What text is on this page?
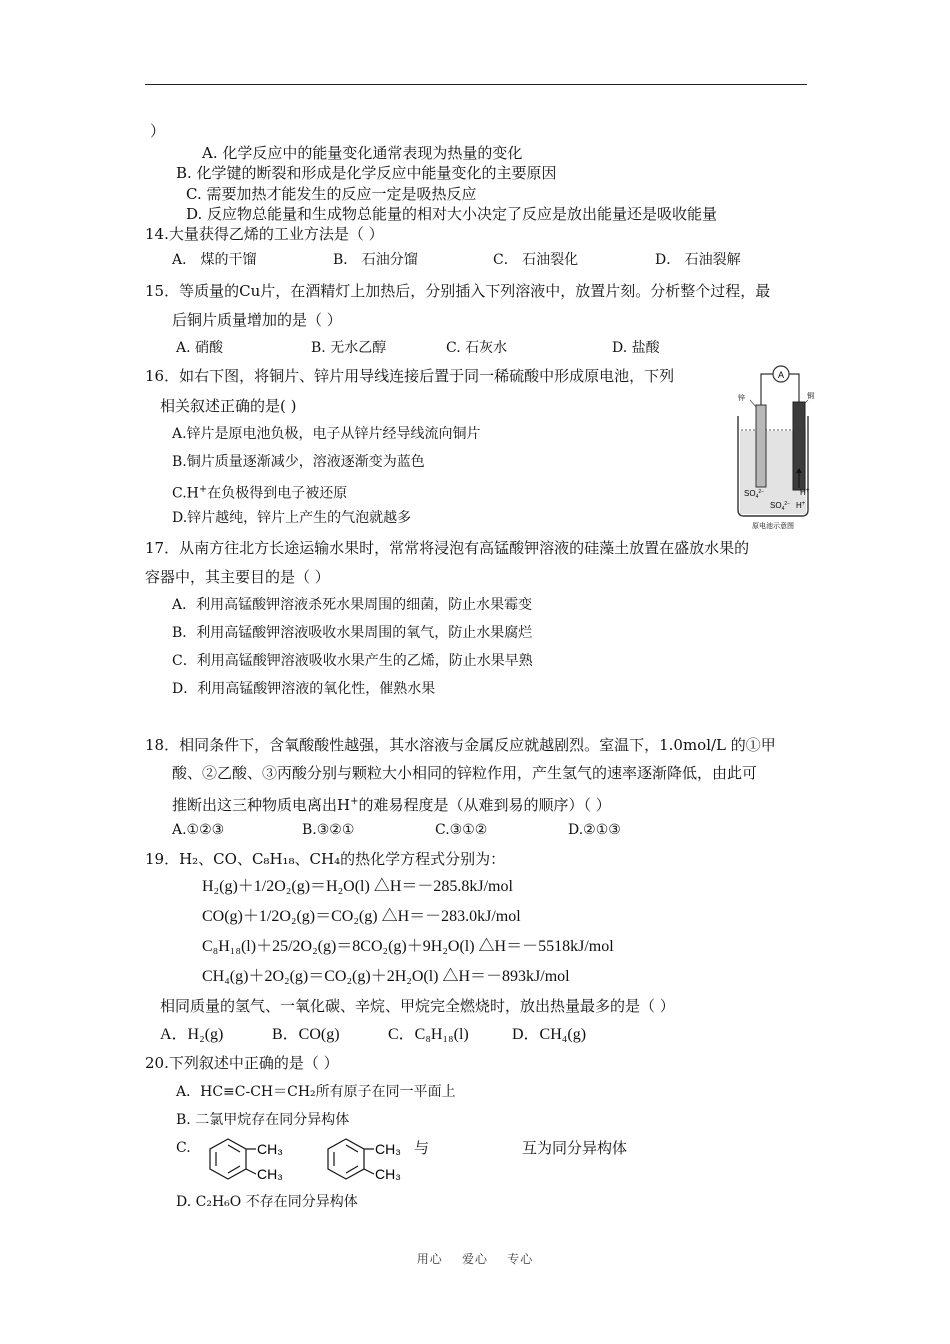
）
A. 化学反应中的能量变化通常表现为热量的变化
B. 化学键的断裂和形成是化学反应中能量变化的主要原因
C. 需要加热才能发生的反应一定是吸热反应
D. 反应物总能量和生成物总能量的相对大小决定了反应是放出能量还是吸收能量
14.大量获得乙烯的工业方法是（ ）
A． 煤的干馏	B． 石油分馏	C． 石油裂化	D． 石油裂解
15．等质量的Cu片，在酒精灯上加热后，分别插入下列溶液中，放置片刻。分析整个过程，最
后铜片质量增加的是（ ）
A. 硝酸	B. 无水乙醇	C. 石灰水	D. 盐酸
16．如右下图，将铜片、锌片用导线连接后置于同一稀硫酸中形成原电池，下列
相关叙述正确的是( )
A.锌片是原电池负极，电子从锌片经导线流向铜片
B.铜片质量逐渐减少，溶液逐渐变为蓝色
C.H+在负极得到电子被还原
D.锌片越纯，锌片上产生的气泡就越多
A
锌	铜
$SO_4^{2-}$	H+
$SO_4^{2-}$ H+
原电池示意图
17．从南方往北方长途运输水果时，常常将浸泡有高锰酸钾溶液的硅藻土放置在盛放水果的
容器中，其主要目的是（ ）
A．利用高锰酸钾溶液杀死水果周围的细菌，防止水果霉变
B．利用高锰酸钾溶液吸收水果周围的氧气，防止水果腐烂
C．利用高锰酸钾溶液吸收水果产生的乙烯，防止水果早熟
D．利用高锰酸钾溶液的氧化性，催熟水果
18．相同条件下，含氧酸酸性越强，其水溶液与金属反应就越剧烈。室温下，1.0mol/L 的①甲
酸、②乙酸、③丙酸分别与颗粒大小相同的锌粒作用，产生氢气的速率逐渐降低，由此可
推断出这三种物质电离出H+的难易程度是（从难到易的顺序）（ ）
A.①②③	B.③②①	C.③①②	D.②①③
19．H₂、CO、C₈H₁₈、CH₄的热化学方程式分别为：
H₂(g)＋1/2O₂(g)＝H₂O(l) △H＝－285.8kJ/mol
CO(g)＋1/2O₂(g)＝CO₂(g) △H＝－283.0kJ/mol
C₈H₁₈(l)＋25/2O₂(g)＝8CO₂(g)＋9H₂O(l) △H＝－5518kJ/mol
CH₄(g)＋2O₂(g)＝CO₂(g)＋2H₂O(l) △H＝－893kJ/mol
相同质量的氢气、一氧化碳、辛烷、甲烷完全燃烧时，放出热量最多的是（ ）
A．H₂(g)	B．CO(g)	C．C₈H₁₈(l)	D．CH₄(g)
20.下列叙述中正确的是（ ）
A．HC≡C-CH＝CH₂所有原子在同一平面上
B. 二氯甲烷存在同分异构体
C.	CH₃
CH₃
CH₃
CH₃
与	互为同分异构体
D. C₂H₆O 不存在同分异构体
用心    爱心    专心
